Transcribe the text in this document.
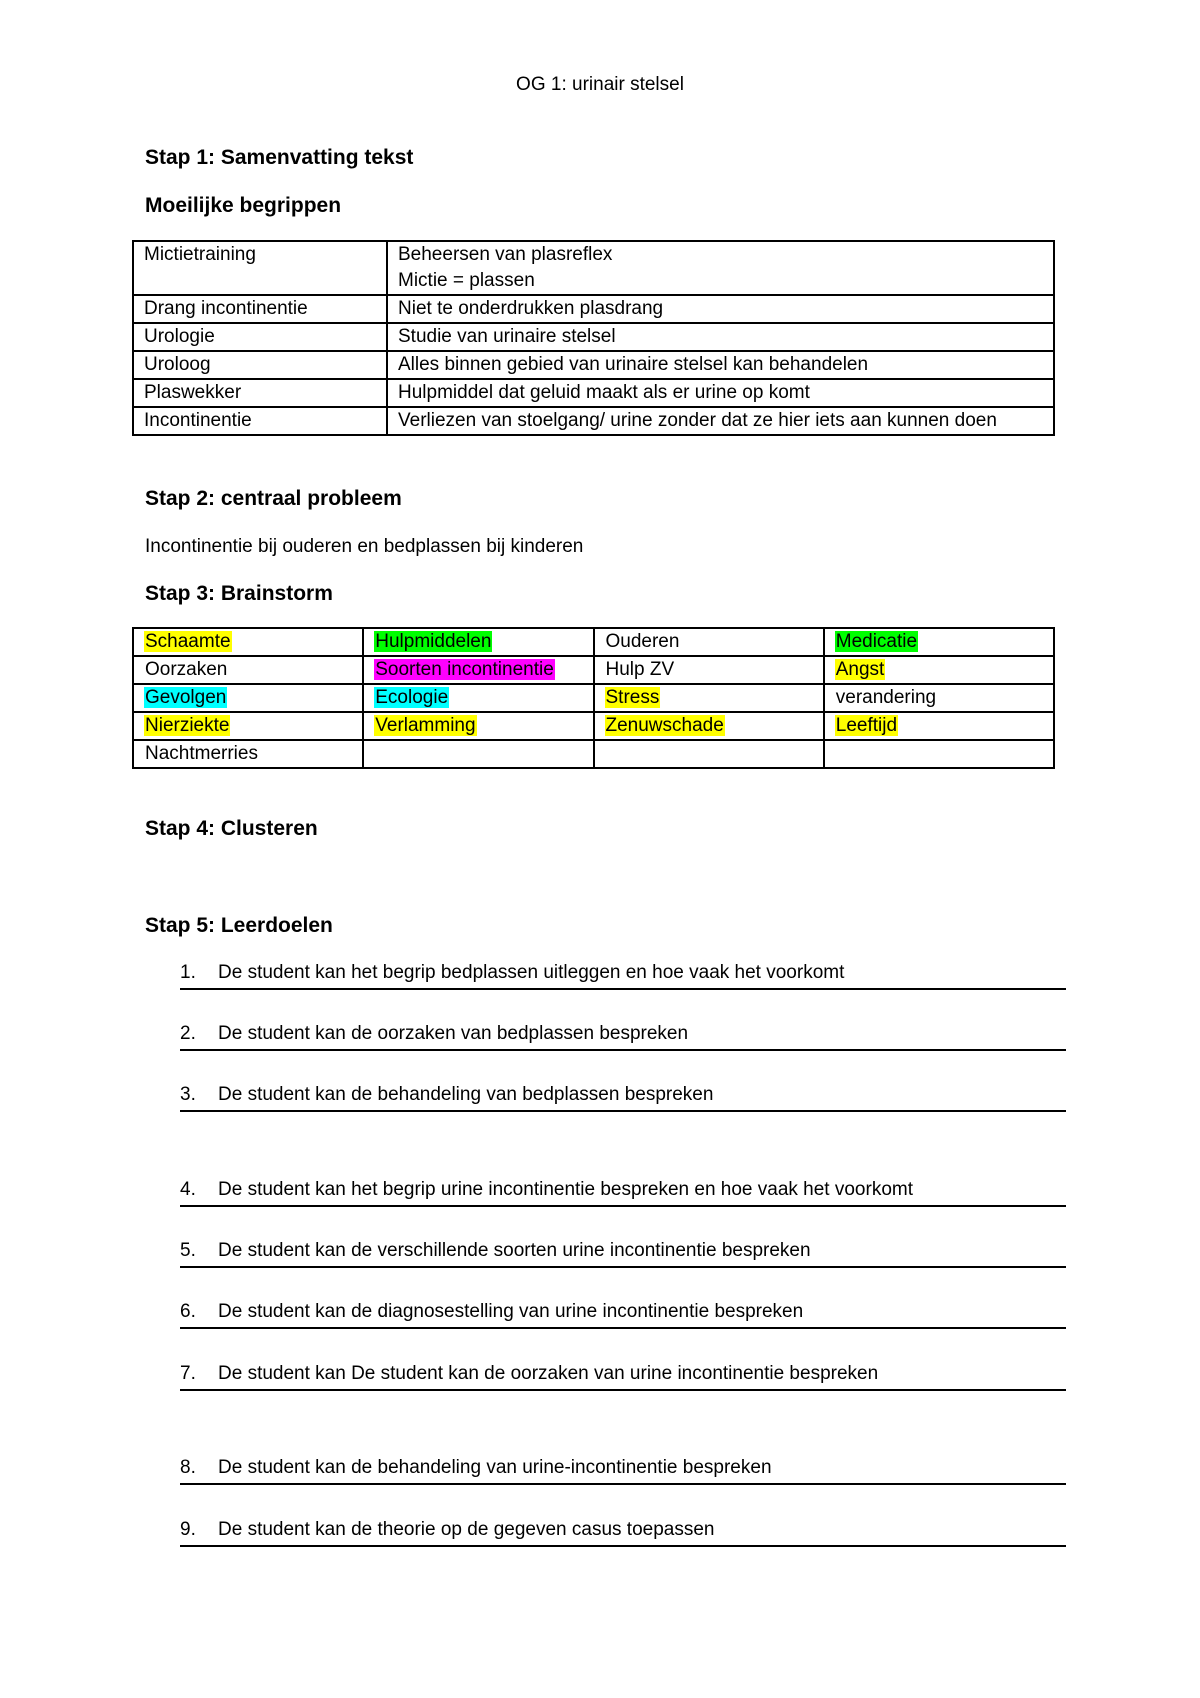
OG 1: urinair stelsel
Stap 1: Samenvatting tekst
Moeilijke begrippen
Mictietraining	Beheersen van plasreflex
Mictie = plassen

Drang incontinentie	Niet te onderdrukken plasdrang
Urologie	Studie van urinaire stelsel
Uroloog	Alles binnen gebied van urinaire stelsel kan behandelen
Plaswekker	Hulpmiddel dat geluid maakt als er urine op komt
Incontinentie	Verliezen van stoelgang/ urine zonder dat ze hier iets aan kunnen doen
Stap 2: centraal probleem
Incontinentie bij ouderen en bedplassen bij kinderen
Stap 3: Brainstorm
Schaamte	Hulpmiddelen	Ouderen	Medicatie
Oorzaken	Soorten incontinentie	Hulp ZV	Angst
Gevolgen	Ecologie	Stress	verandering
Nierziekte	Verlamming	Zenuwschade	Leeftijd
Nachtmerries			
Stap 4: Clusteren
Stap 5: Leerdoelen
1. De student kan het begrip bedplassen uitleggen en hoe vaak het voorkomt
2. De student kan de oorzaken van bedplassen bespreken
3. De student kan de behandeling van bedplassen bespreken
4. De student kan het begrip urine incontinentie bespreken en hoe vaak het voorkomt
5. De student kan de verschillende soorten urine incontinentie bespreken
6. De student kan de diagnosestelling van urine incontinentie bespreken
7. De student kan De student kan de oorzaken van urine incontinentie bespreken
8. De student kan de behandeling van urine-incontinentie bespreken
9. De student kan de theorie op de gegeven casus toepassen
